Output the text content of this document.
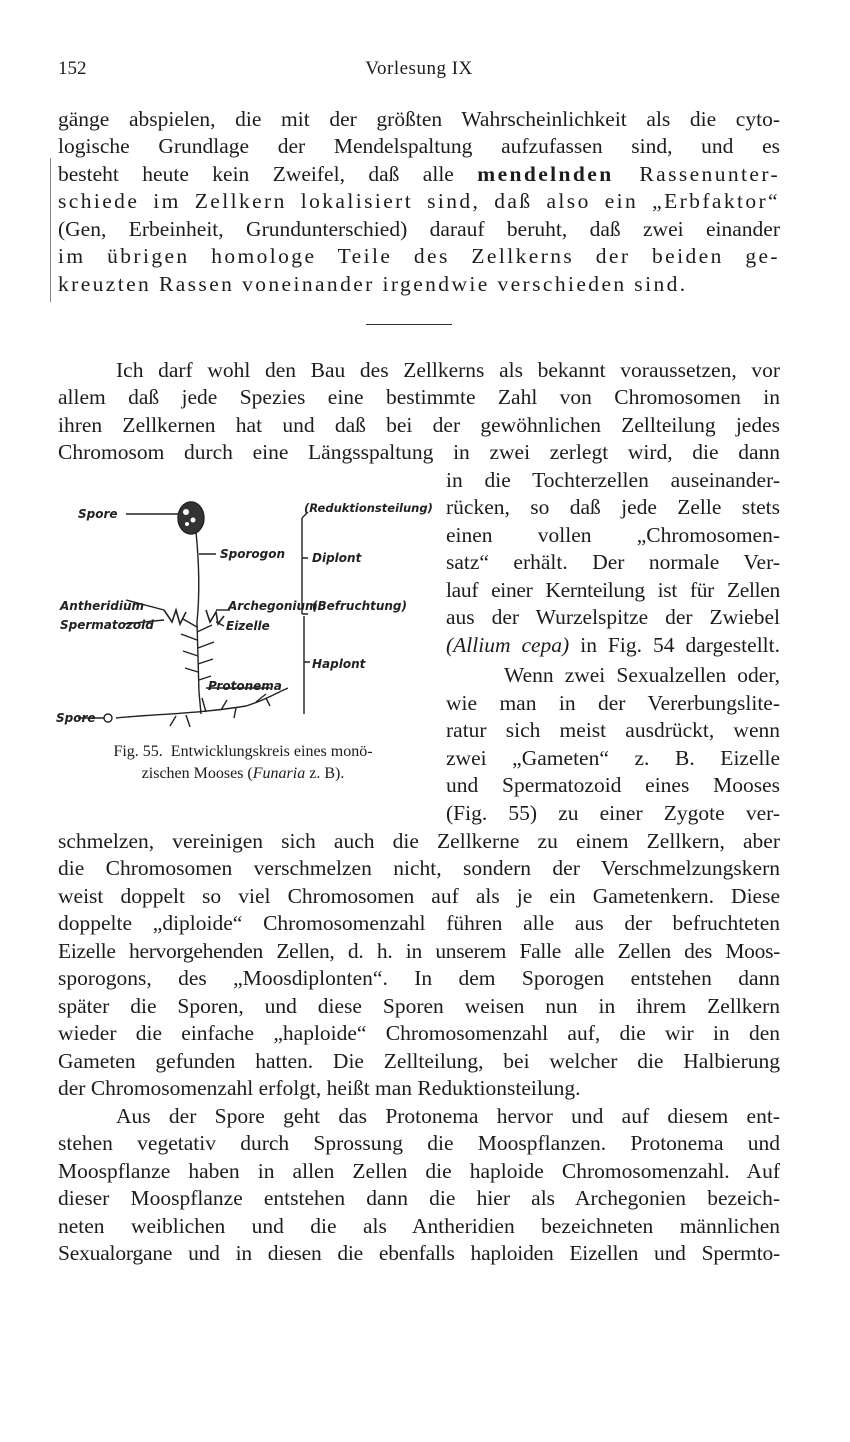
152	Vorlesung IX
gänge abspielen, die mit der größten Wahrscheinlichkeit als die cyto-
logische Grundlage der Mendelspaltung aufzufassen sind, und es
besteht heute kein Zweifel, daß alle mendelnden Rassenunter-
schiede im Zellkern lokalisiert sind, daß also ein „Erbfaktor“
(Gen, Erbeinheit, Grundunterschied) darauf beruht, daß zwei einander
im übrigen homologe Teile des Zellkerns der beiden ge-
kreuzten Rassen voneinander irgendwie verschieden sind.
Ich darf wohl den Bau des Zellkerns als bekannt voraussetzen, vor
allem daß jede Spezies eine bestimmte Zahl von Chromosomen in
ihren Zellkernen hat und daß bei der gewöhnlichen Zellteilung jedes
Chromosom durch eine Längsspaltung in zwei zerlegt wird, die dann
in die Tochterzellen auseinander-
rücken, so daß jede Zelle stets
einen vollen „Chromosomen-
satz“ erhält. Der normale Ver-
lauf einer Kernteilung ist für Zellen
aus der Wurzelspitze der Zwiebel
(Allium cepa) in Fig. 54 dargestellt.
Wenn zwei Sexualzellen oder,
wie man in der Vererbungslite-
ratur sich meist ausdrückt, wenn
zwei „Gameten“ z. B. Eizelle
und Spermatozoid eines Mooses
(Fig. 55) zu einer Zygote ver-
Spore
Sporogon
Antheridium
Spermatozoid
Archegonium
Eizelle
Protonema
Spore
(Reduktionsteilung)
Diplont
(Befruchtung)
Haplont
Fig. 55. Entwicklungskreis eines monö-
zischen Mooses (Funaria z. B).
schmelzen, vereinigen sich auch die Zellkerne zu einem Zellkern, aber
die Chromosomen verschmelzen nicht, sondern der Verschmelzungskern
weist doppelt so viel Chromosomen auf als je ein Gametenkern. Diese
doppelte „diploide“ Chromosomenzahl führen alle aus der befruchteten
Eizelle hervorgehenden Zellen, d. h. in unserem Falle alle Zellen des Moos-
sporogons, des „Moosdiplonten“. In dem Sporogen entstehen dann
später die Sporen, und diese Sporen weisen nun in ihrem Zellkern
wieder die einfache „haploide“ Chromosomenzahl auf, die wir in den
Gameten gefunden hatten. Die Zellteilung, bei welcher die Halbierung
der Chromosomenzahl erfolgt, heißt man Reduktionsteilung.
Aus der Spore geht das Protonema hervor und auf diesem ent-
stehen vegetativ durch Sprossung die Moospflanzen. Protonema und
Moospflanze haben in allen Zellen die haploide Chromosomenzahl. Auf
dieser Moospflanze entstehen dann die hier als Archegonien bezeich-
neten weiblichen und die als Antheridien bezeichneten männlichen
Sexualorgane und in diesen die ebenfalls haploiden Eizellen und Spermto-
